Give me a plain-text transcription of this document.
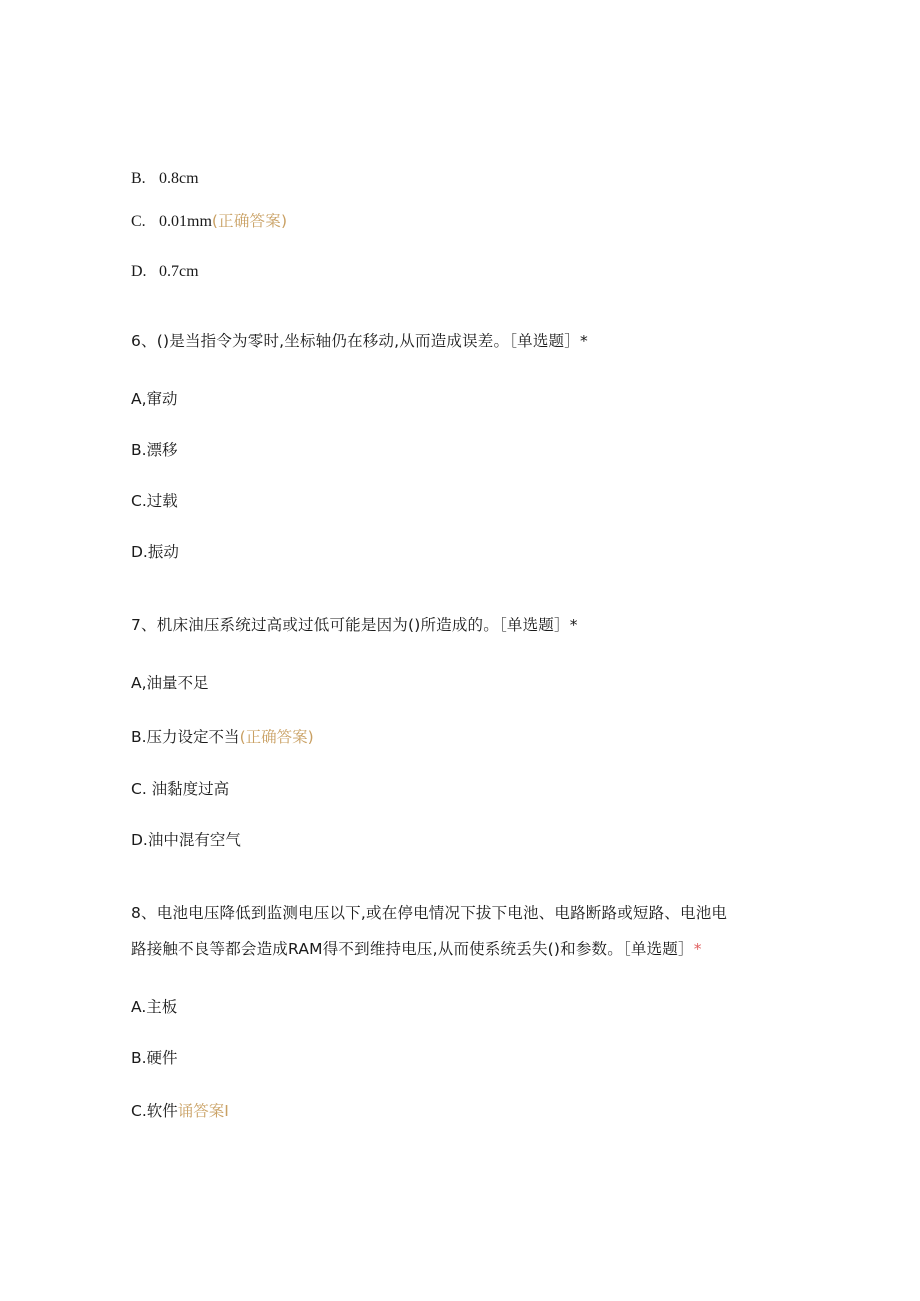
B. 0.8cm
C. 0.01mm(正确答案)
D. 0.7cm
6、()是当指令为零时,坐标轴仍在移动,从而造成误差。［单选题］*
A,窜动
B.漂移
C.过载
D.振动
7、机床油压系统过高或过低可能是因为()所造成的。［单选题］*
A,油量不足
B.压力设定不当(正确答案)
C. 油黏度过高
D.油中混有空气
8、电池电压降低到监测电压以下,或在停电情况下拔下电池、电路断路或短路、电池电
路接触不良等都会造成RAM得不到维持电压,从而使系统丢失()和参数。［单选题］*
A.主板
B.硬件
C.软件诵答案I
